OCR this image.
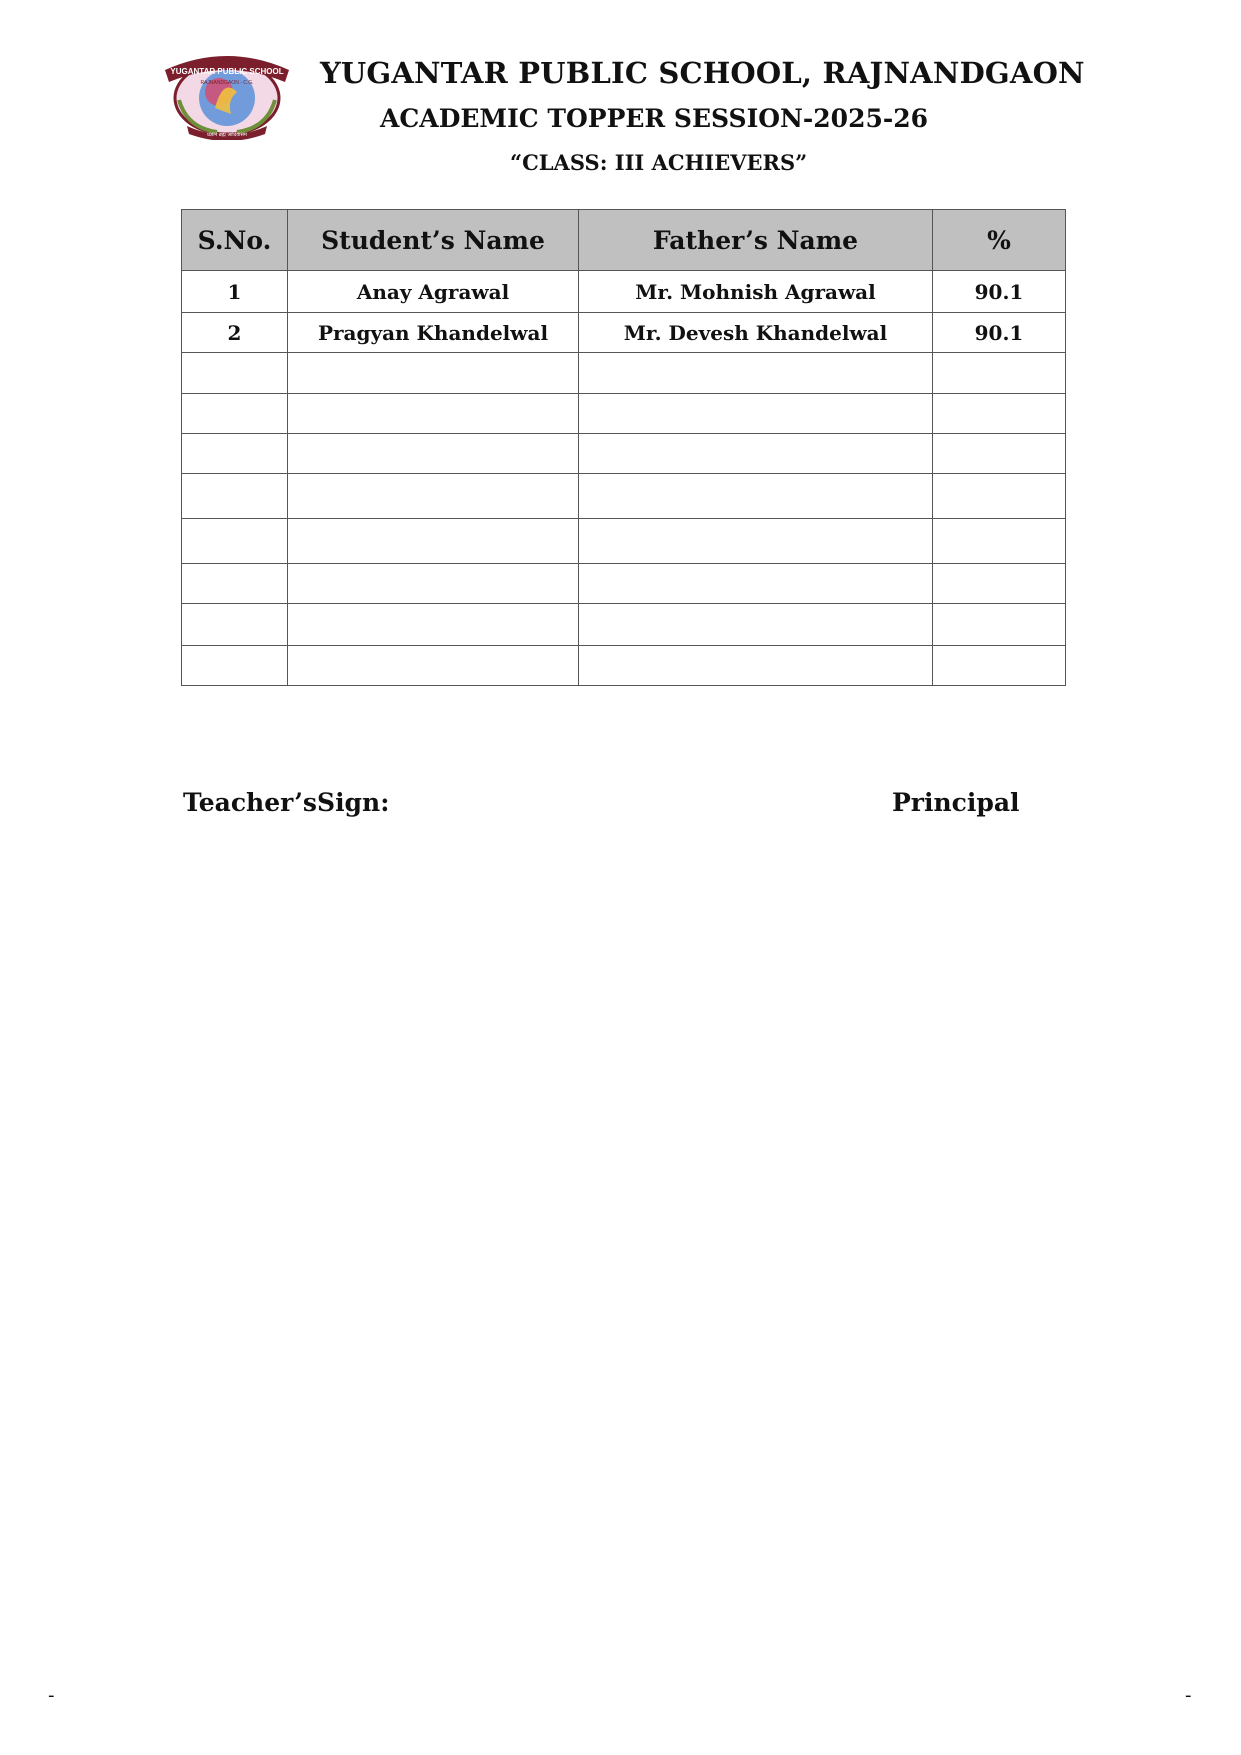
YUGANTAR PUBLIC SCHOOL
RAJNANDGAON - C.G.
प्रज्ञानं ब्रह्म आदिवासम
YUGANTAR PUBLIC SCHOOL, RAJNANDGAON
ACADEMIC TOPPER SESSION-2025-26
“CLASS: III ACHIEVERS”
S.No.	Student’s Name	Father’s Name	%
1	Anay Agrawal	Mr. Mohnish Agrawal	90.1
2	Pragyan Khandelwal	Mr. Devesh Khandelwal	90.1

Teacher’sSign:	Principal
-	-
